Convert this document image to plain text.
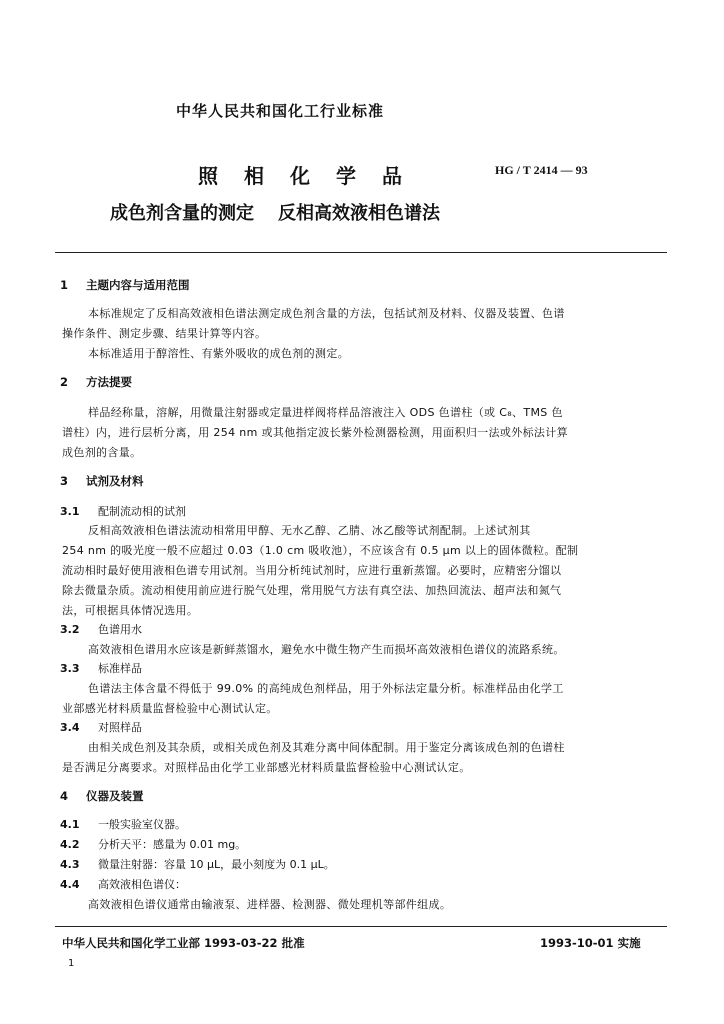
中华人民共和国化工行业标准
照相化学品	HG / T 2414 — 93
成色剂含量的测定 反相高效液相色谱法
1 主题内容与适用范围
本标准规定了反相高效液相色谱法测定成色剂含量的方法，包括试剂及材料、仪器及装置、色谱
操作条件、测定步骤、结果计算等内容。
本标准适用于醇溶性、有紫外吸收的成色剂的测定。
2 方法提要
样品经称量，溶解，用微量注射器或定量进样阀将样品溶液注入 ODS 色谱柱（或 C₈、TMS 色
谱柱）内，进行层析分离，用 254 nm 或其他指定波长紫外检测器检测，用面积归一法或外标法计算
成色剂的含量。
3 试剂及材料
3.1 配制流动相的试剂
反相高效液相色谱法流动相常用甲醇、无水乙醇、乙腈、冰乙酸等试剂配制。上述试剂其
254 nm 的吸光度一般不应超过 0.03（1.0 cm 吸收池），不应该含有 0.5 μm 以上的固体微粒。配制
流动相时最好使用液相色谱专用试剂。当用分析纯试剂时，应进行重新蒸馏。必要时，应精密分馏以
除去微量杂质。流动相使用前应进行脱气处理，常用脱气方法有真空法、加热回流法、超声法和氮气
法，可根据具体情况选用。
3.2 色谱用水
高效液相色谱用水应该是新鲜蒸馏水，避免水中微生物产生而损坏高效液相色谱仪的流路系统。
3.3 标准样品
色谱法主体含量不得低于 99.0% 的高纯成色剂样品，用于外标法定量分析。标准样品由化学工
业部感光材料质量监督检验中心测试认定。
3.4 对照样品
由相关成色剂及其杂质，或相关成色剂及其难分离中间体配制。用于鉴定分离该成色剂的色谱柱
是否满足分离要求。对照样品由化学工业部感光材料质量监督检验中心测试认定。
4 仪器及装置
4.1 一般实验室仪器。
4.2 分析天平：感量为 0.01 mg。
4.3 微量注射器：容量 10 μL，最小刻度为 0.1 μL。
4.4 高效液相色谱仪：
高效液相色谱仪通常由输液泵、进样器、检测器、微处理机等部件组成。
中华人民共和国化学工业部 1993-03-22 批准	1993-10-01 实施
1
